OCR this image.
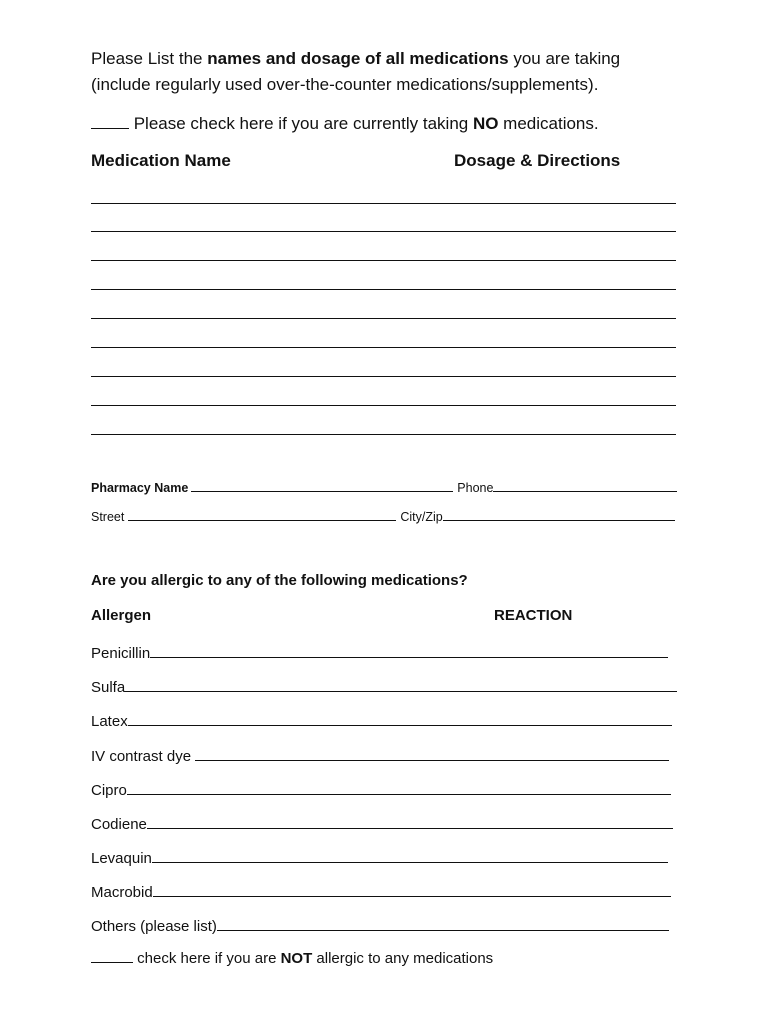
Please List the names and dosage of all medications you are taking
(include regularly used over-the-counter medications/supplements).
Please check here if you are currently taking NO medications.
Medication Name	Dosage & Directions
Pharmacy Name	Phone
Street	City/Zip
Are you allergic to any of the following medications?
Allergen	REACTION
Penicillin
Sulfa
Latex
IV contrast dye
Cipro
Codiene
Levaquin
Macrobid
Others (please list)
check here if you are NOT allergic to any medications
